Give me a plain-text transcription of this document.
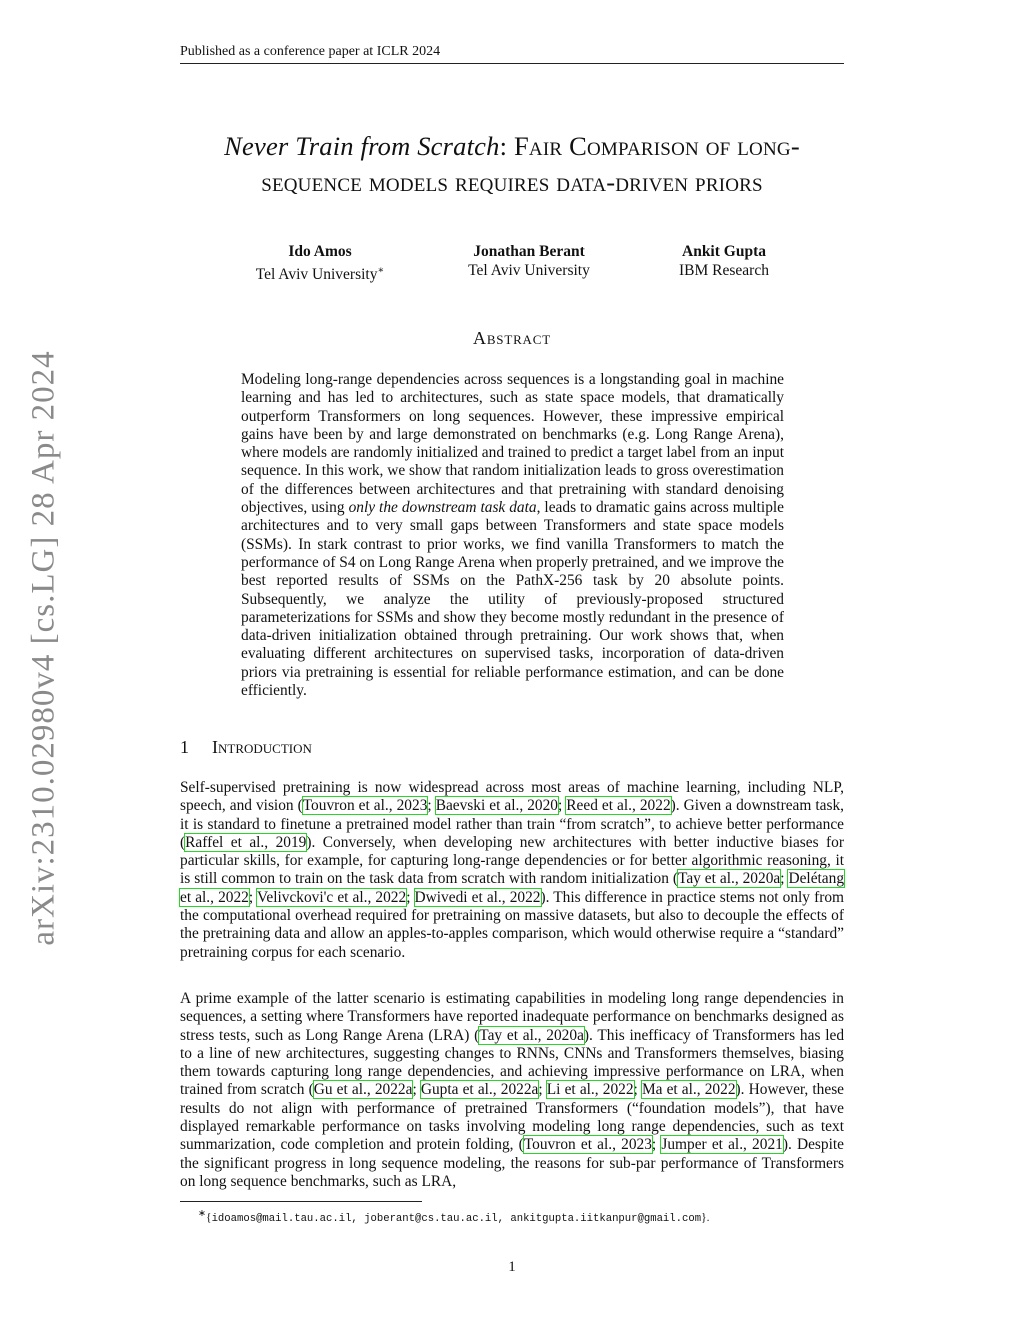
Published as a conference paper at ICLR 2024
arXiv:2310.02980v4 [cs.LG] 28 Apr 2024
Never Train from Scratch: Fair Comparison of long-
sequence models requires data-driven priors
Ido Amos
Tel Aviv University∗
Jonathan Berant
Tel Aviv University
Ankit Gupta
IBM Research
Abstract
Modeling long-range dependencies across sequences is a longstanding goal in machine learning and has led to architectures, such as state space models, that dramatically outperform Transformers on long sequences. However, these impressive empirical gains have been by and large demonstrated on benchmarks (e.g. Long Range Arena), where models are randomly initialized and trained to predict a target label from an input sequence. In this work, we show that random initialization leads to gross overestimation of the differences between architectures and that pretraining with standard denoising objectives, using only the downstream task data, leads to dramatic gains across multiple architectures and to very small gaps between Transformers and state space models (SSMs). In stark contrast to prior works, we find vanilla Transformers to match the performance of S4 on Long Range Arena when properly pretrained, and we improve the best reported results of SSMs on the PathX-256 task by 20 absolute points. Subsequently, we analyze the utility of previously-proposed structured parameterizations for SSMs and show they become mostly redundant in the presence of data-driven initialization obtained through pretraining. Our work shows that, when evaluating different architectures on supervised tasks, incorporation of data-driven priors via pretraining is essential for reliable performance estimation, and can be done efficiently.
1 Introduction
Self-supervised pretraining is now widespread across most areas of machine learning, including NLP, speech, and vision (Touvron et al., 2023; Baevski et al., 2020; Reed et al., 2022). Given a downstream task, it is standard to finetune a pretrained model rather than train “from scratch”, to achieve better performance (Raffel et al., 2019). Conversely, when developing new architectures with better inductive biases for particular skills, for example, for capturing long-range dependencies or for better algorithmic reasoning, it is still common to train on the task data from scratch with random initialization (Tay et al., 2020a; Delétang et al., 2022; Velivckovi'c et al., 2022; Dwivedi et al., 2022). This difference in practice stems not only from the computational overhead required for pretraining on massive datasets, but also to decouple the effects of the pretraining data and allow an apples-to-apples comparison, which would otherwise require a “standard” pretraining corpus for each scenario.
A prime example of the latter scenario is estimating capabilities in modeling long range dependencies in sequences, a setting where Transformers have reported inadequate performance on benchmarks designed as stress tests, such as Long Range Arena (LRA) (Tay et al., 2020a). This inefficacy of Transformers has led to a line of new architectures, suggesting changes to RNNs, CNNs and Transformers themselves, biasing them towards capturing long range dependencies, and achieving impressive performance on LRA, when trained from scratch (Gu et al., 2022a; Gupta et al., 2022a; Li et al., 2022; Ma et al., 2022). However, these results do not align with performance of pretrained Transformers (“foundation models”), that have displayed remarkable performance on tasks involving modeling long range dependencies, such as text summarization, code completion and protein folding, (Touvron et al., 2023; Jumper et al., 2021). Despite the significant progress in long sequence modeling, the reasons for sub-par performance of Transformers on long sequence benchmarks, such as LRA,
∗{idoamos@mail.tau.ac.il, joberant@cs.tau.ac.il, ankitgupta.iitkanpur@gmail.com}.
1
